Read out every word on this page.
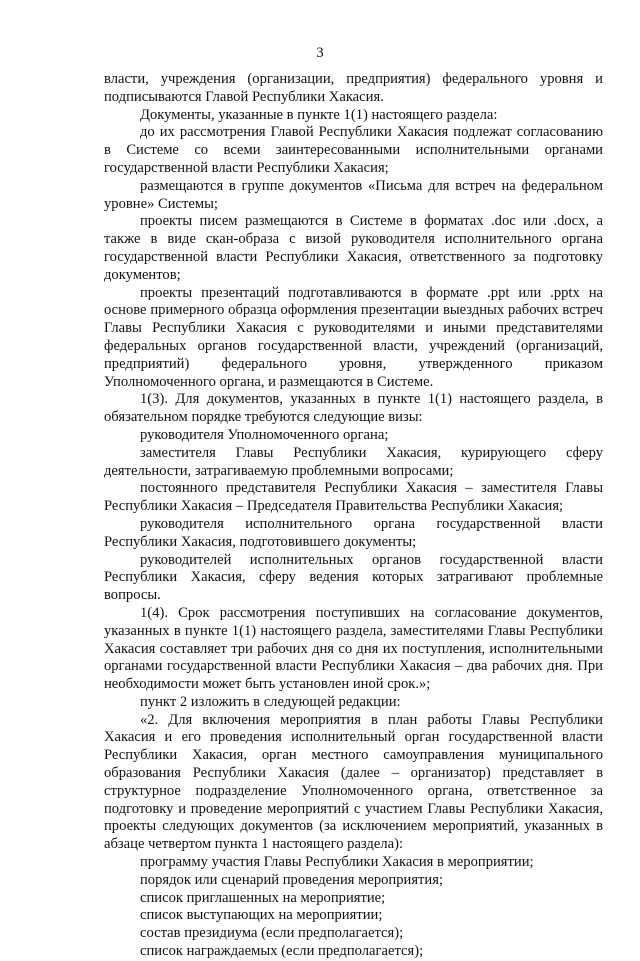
3

власти, учреждения (организации, предприятия) федерального уровня и подписываются Главой Республики Хакасия.

Документы, указанные в пункте 1(1) настоящего раздела:

до их рассмотрения Главой Республики Хакасия подлежат согласованию в Системе со всеми заинтересованными исполнительными органами государственной власти Республики Хакасия;

размещаются в группе документов «Письма для встреч на федеральном уровне» Системы;

проекты писем размещаются в Системе в форматах .doc или .docx, а также в виде скан-образа с визой руководителя исполнительного органа государственной власти Республики Хакасия, ответственного за подготовку документов;

проекты презентаций подготавливаются в формате .ppt или .pptx на основе примерного образца оформления презентации выездных рабочих встреч Главы Республики Хакасия с руководителями и иными представителями федеральных органов государственной власти, учреждений (организаций, предприятий) федерального уровня, утвержденного приказом Уполномоченного органа, и размещаются в Системе.

1(3). Для документов, указанных в пункте 1(1) настоящего раздела, в обязательном порядке требуются следующие визы:

руководителя Уполномоченного органа;

заместителя Главы Республики Хакасия, курирующего сферу деятельности, затрагиваемую проблемными вопросами;

постоянного представителя Республики Хакасия – заместителя Главы Республики Хакасия – Председателя Правительства Республики Хакасия;

руководителя исполнительного органа государственной власти Республики Хакасия, подготовившего документы;

руководителей исполнительных органов государственной власти Республики Хакасия, сферу ведения которых затрагивают проблемные вопросы.

1(4). Срок рассмотрения поступивших на согласование документов, указанных в пункте 1(1) настоящего раздела, заместителями Главы Республики Хакасия составляет три рабочих дня со дня их поступления, исполнительными органами государственной власти Республики Хакасия – два рабочих дня. При необходимости может быть установлен иной срок.»;

пункт 2 изложить в следующей редакции:

«2. Для включения мероприятия в план работы Главы Республики Хакасия и его проведения исполнительный орган государственной власти Республики Хакасия, орган местного самоуправления муниципального образования Республики Хакасия (далее – организатор) представляет в структурное подразделение Уполномоченного органа, ответственное за подготовку и проведение мероприятий с участием Главы Республики Хакасия, проекты следующих документов (за исключением мероприятий, указанных в абзаце четвертом пункта 1 настоящего раздела):

программу участия Главы Республики Хакасия в мероприятии;

порядок или сценарий проведения мероприятия;

список приглашенных на мероприятие;

список выступающих на мероприятии;

состав президиума (если предполагается);

список награждаемых (если предполагается);
